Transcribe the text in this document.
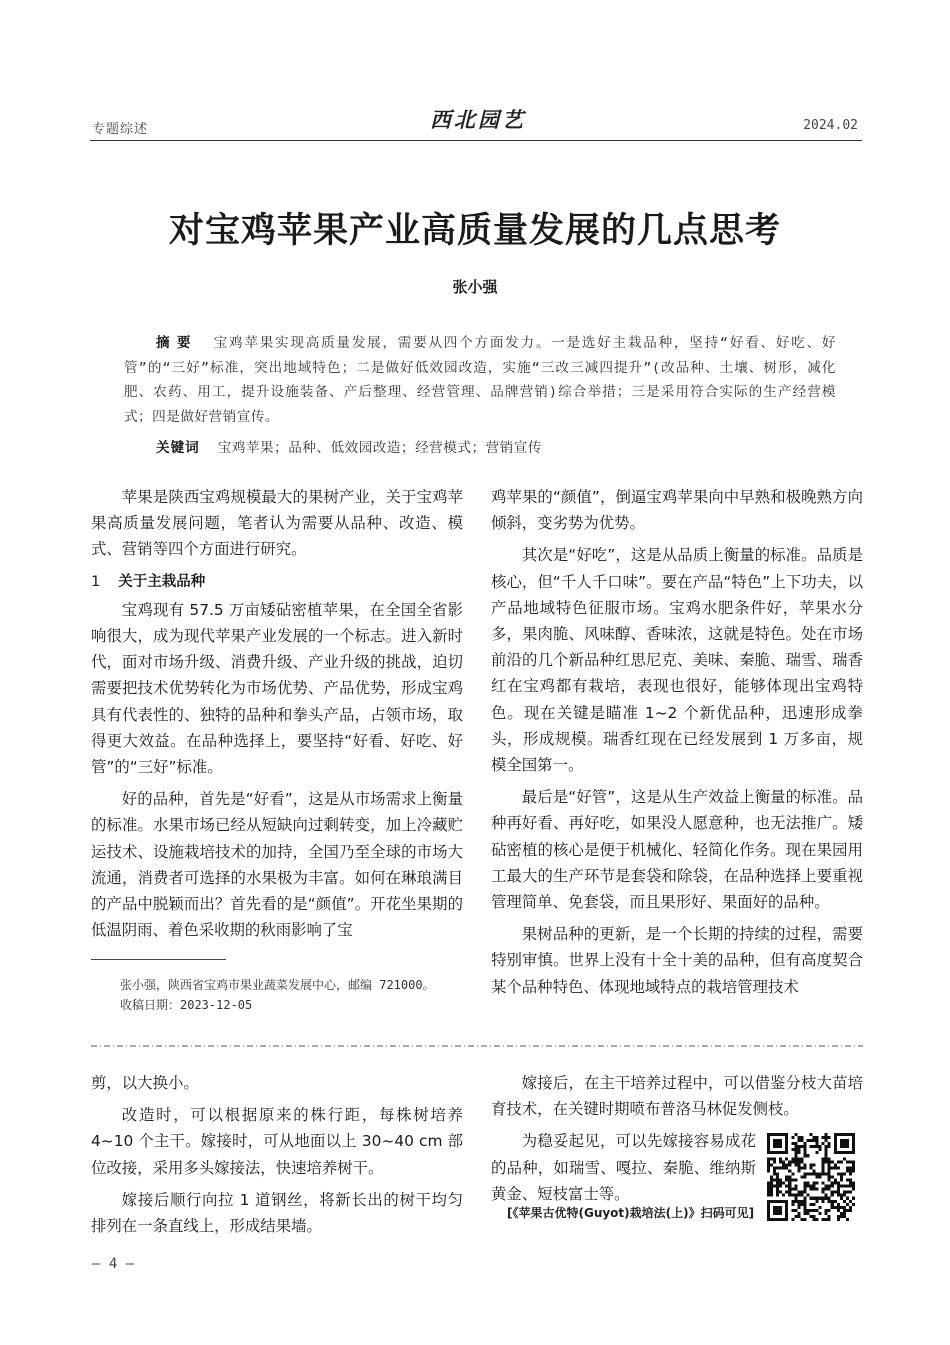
专题综述	西北园艺	2024.02
对宝鸡苹果产业高质量发展的几点思考
张小强
摘要 宝鸡苹果实现高质量发展，需要从四个方面发力。一是选好主栽品种，坚持“好看、好吃、好管”的“三好”标准，突出地域特色；二是做好低效园改造，实施“三改三减四提升”(改品种、土壤、树形，减化肥、农药、用工，提升设施装备、产后整理、经营管理、品牌营销)综合举措；三是采用符合实际的生产经营模式；四是做好营销宣传。
关键词 宝鸡苹果；品种、低效园改造；经营模式；营销宣传

苹果是陕西宝鸡规模最大的果树产业，关于宝鸡苹果高质量发展问题，笔者认为需要从品种、改造、模式、营销等四个方面进行研究。

1 关于主栽品种

宝鸡现有 57.5 万亩矮砧密植苹果，在全国全省影响很大，成为现代苹果产业发展的一个标志。进入新时代，面对市场升级、消费升级、产业升级的挑战，迫切需要把技术优势转化为市场优势、产品优势，形成宝鸡具有代表性的、独特的品种和拳头产品，占领市场，取得更大效益。在品种选择上，要坚持“好看、好吃、好管”的“三好”标准。

好的品种，首先是“好看”，这是从市场需求上衡量的标准。水果市场已经从短缺向过剩转变，加上冷藏贮运技术、设施栽培技术的加持，全国乃至全球的市场大流通，消费者可选择的水果极为丰富。如何在琳琅满目的产品中脱颖而出？首先看的是“颜值”。开花坐果期的低温阴雨、着色采收期的秋雨影响了宝

鸡苹果的“颜值”，倒逼宝鸡苹果向中早熟和极晚熟方向倾斜，变劣势为优势。

其次是“好吃”，这是从品质上衡量的标准。品质是核心，但“千人千口味”。要在产品“特色”上下功夫，以产品地域特色征服市场。宝鸡水肥条件好，苹果水分多，果肉脆、风味醇、香味浓，这就是特色。处在市场前沿的几个新品种红思尼克、美味、秦脆、瑞雪、瑞香红在宝鸡都有栽培，表现也很好，能够体现出宝鸡特色。现在关键是瞄准 1~2 个新优品种，迅速形成拳头，形成规模。瑞香红现在已经发展到 1 万多亩，规模全国第一。

最后是“好管”，这是从生产效益上衡量的标准。品种再好看、再好吃，如果没人愿意种，也无法推广。矮砧密植的核心是便于机械化、轻简化作务。现在果园用工最大的生产环节是套袋和除袋，在品种选择上要重视管理简单、免套袋，而且果形好、果面好的品种。

果树品种的更新，是一个长期的持续的过程，需要特别审慎。世界上没有十全十美的品种，但有高度契合某个品种特色、体现地域特点的栽培管理技术

张小强，陕西省宝鸡市果业蔬菜发展中心，邮编 721000。
收稿日期：2023-12-05

剪，以大换小。

改造时，可以根据原来的株行距，每株树培养 4~10 个主干。嫁接时，可从地面以上 30~40 cm 部位改接，采用多头嫁接法，快速培养树干。

嫁接后顺行向拉 1 道钢丝，将新长出的树干均匀排列在一条直线上，形成结果墙。

嫁接后，在主干培养过程中，可以借鉴分枝大苗培育技术，在关键时期喷布普洛马林促发侧枝。

为稳妥起见，可以先嫁接容易成花的品种，如瑞雪、嘎拉、秦脆、维纳斯黄金、短枝富士等。

[《苹果古优特(Guyot)栽培法(上)》扫码可见]
— 4 —
